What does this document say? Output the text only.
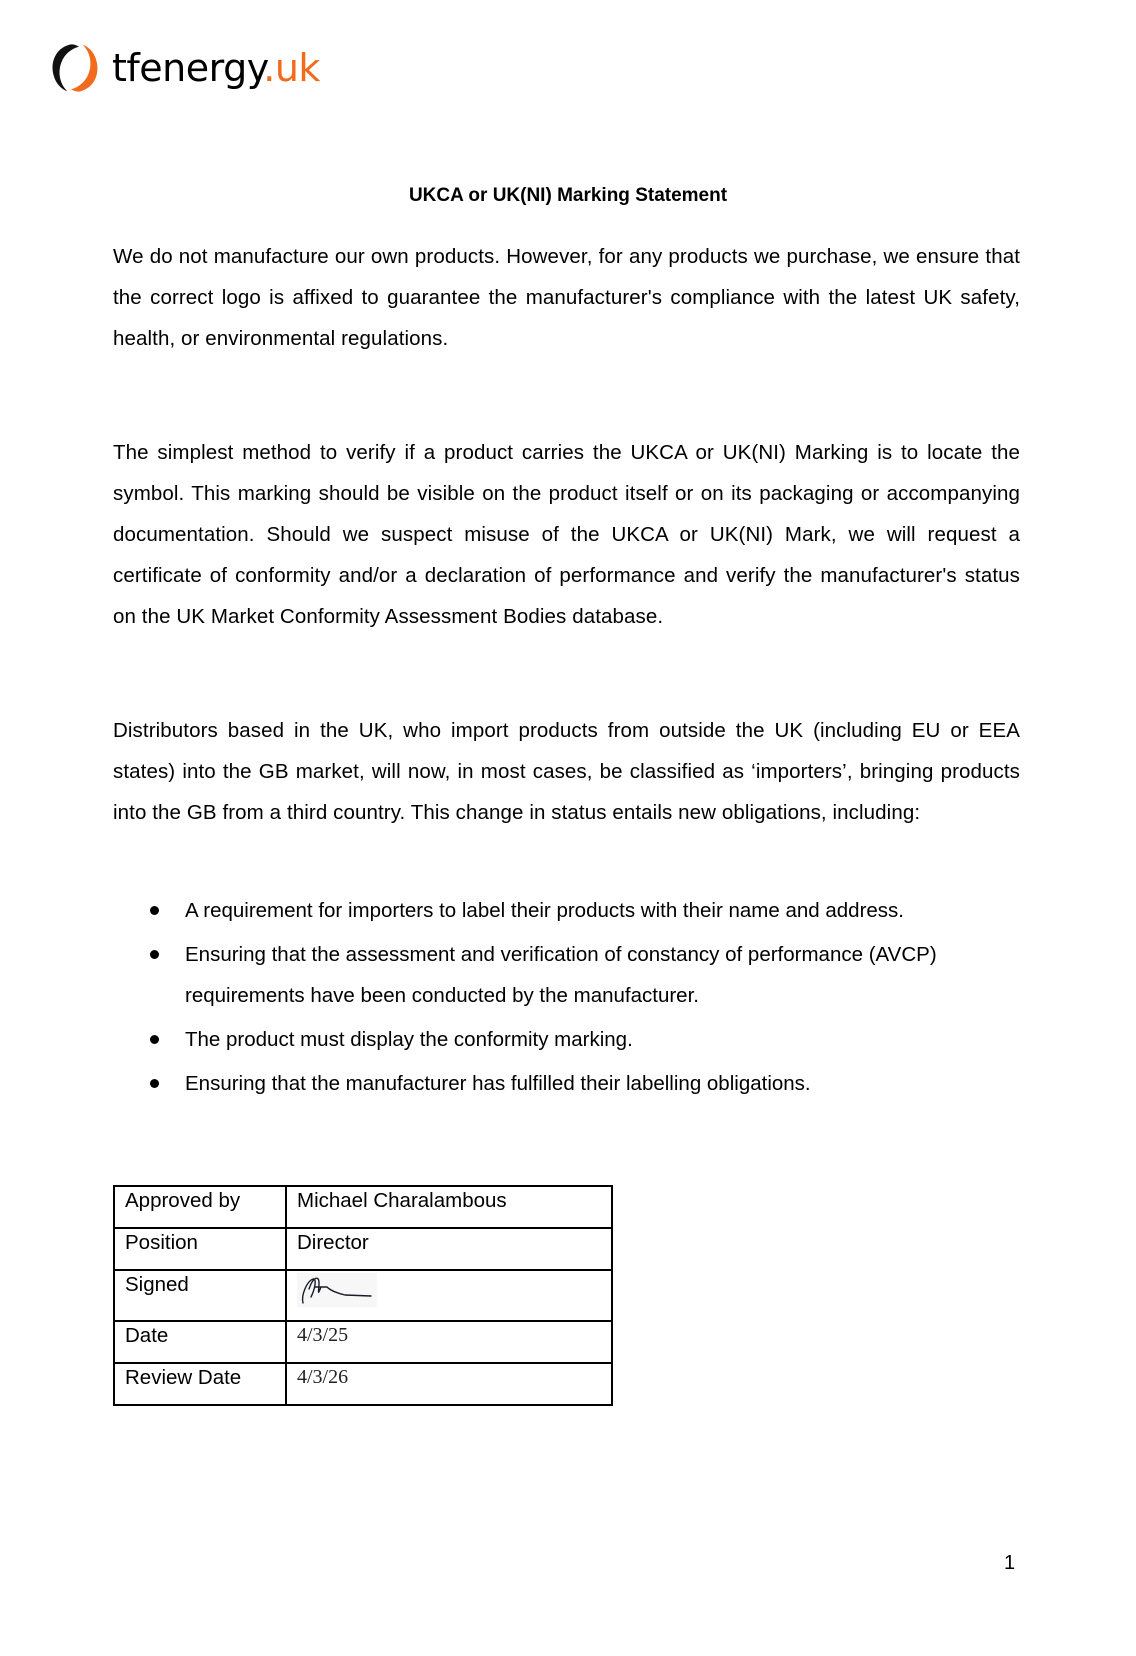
tfenergy.uk
UKCA or UK(NI) Marking Statement
We do not manufacture our own products. However, for any products we purchase, we ensure that the correct logo is affixed to guarantee the manufacturer's compliance with the latest UK safety, health, or environmental regulations.
The simplest method to verify if a product carries the UKCA or UK(NI) Marking is to locate the symbol. This marking should be visible on the product itself or on its packaging or accompanying documentation. Should we suspect misuse of the UKCA or UK(NI) Mark, we will request a certificate of conformity and/or a declaration of performance and verify the manufacturer's status on the UK Market Conformity Assessment Bodies database.
Distributors based in the UK, who import products from outside the UK (including EU or EEA states) into the GB market, will now, in most cases, be classified as ‘importers’, bringing products into the GB from a third country. This change in status entails new obligations, including:
A requirement for importers to label their products with their name and address.
Ensuring that the assessment and verification of constancy of performance (AVCP) requirements have been conducted by the manufacturer.
The product must display the conformity marking.
Ensuring that the manufacturer has fulfilled their labelling obligations.
Approved by	Michael Charalambous
Position	Director
Signed	
Date	4/3/25
Review Date	4/3/26
1
